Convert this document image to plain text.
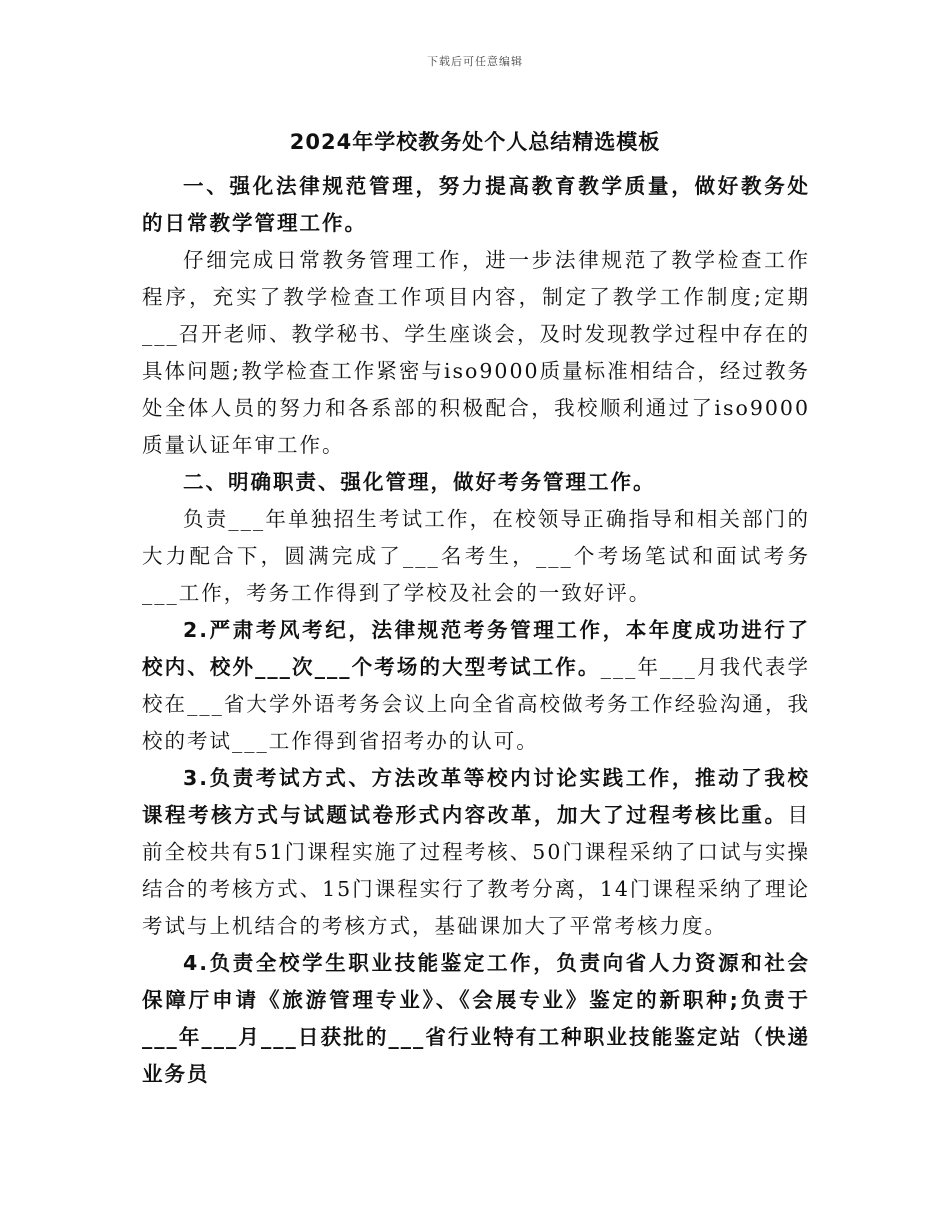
下载后可任意编辑
2024年学校教务处个人总结精选模板

一、强化法律规范管理，努力提高教育教学质量，做好教务处的日常教学管理工作。

仔细完成日常教务管理工作，进一步法律规范了教学检查工作程序，充实了教学检查工作项目内容，制定了教学工作制度;定期___召开老师、教学秘书、学生座谈会，及时发现教学过程中存在的具体问题;教学检查工作紧密与iso9000质量标准相结合，经过教务处全体人员的努力和各系部的积极配合，我校顺利通过了iso9000质量认证年审工作。

二、明确职责、强化管理，做好考务管理工作。

负责___年单独招生考试工作，在校领导正确指导和相关部门的大力配合下，圆满完成了___名考生，___个考场笔试和面试考务___工作，考务工作得到了学校及社会的一致好评。

2.严肃考风考纪，法律规范考务管理工作，本年度成功进行了校内、校外___次___个考场的大型考试工作。___年___月我代表学校在___省大学外语考务会议上向全省高校做考务工作经验沟通，我校的考试___工作得到省招考办的认可。

3.负责考试方式、方法改革等校内讨论实践工作，推动了我校课程考核方式与试题试卷形式内容改革，加大了过程考核比重。目前全校共有51门课程实施了过程考核、50门课程采纳了口试与实操结合的考核方式、15门课程实行了教考分离，14门课程采纳了理论考试与上机结合的考核方式，基础课加大了平常考核力度。

4.负责全校学生职业技能鉴定工作，负责向省人力资源和社会保障厅申请《旅游管理专业》、《会展专业》鉴定的新职种;负责于___年___月___日获批的___省行业特有工种职业技能鉴定站（快递业务员
